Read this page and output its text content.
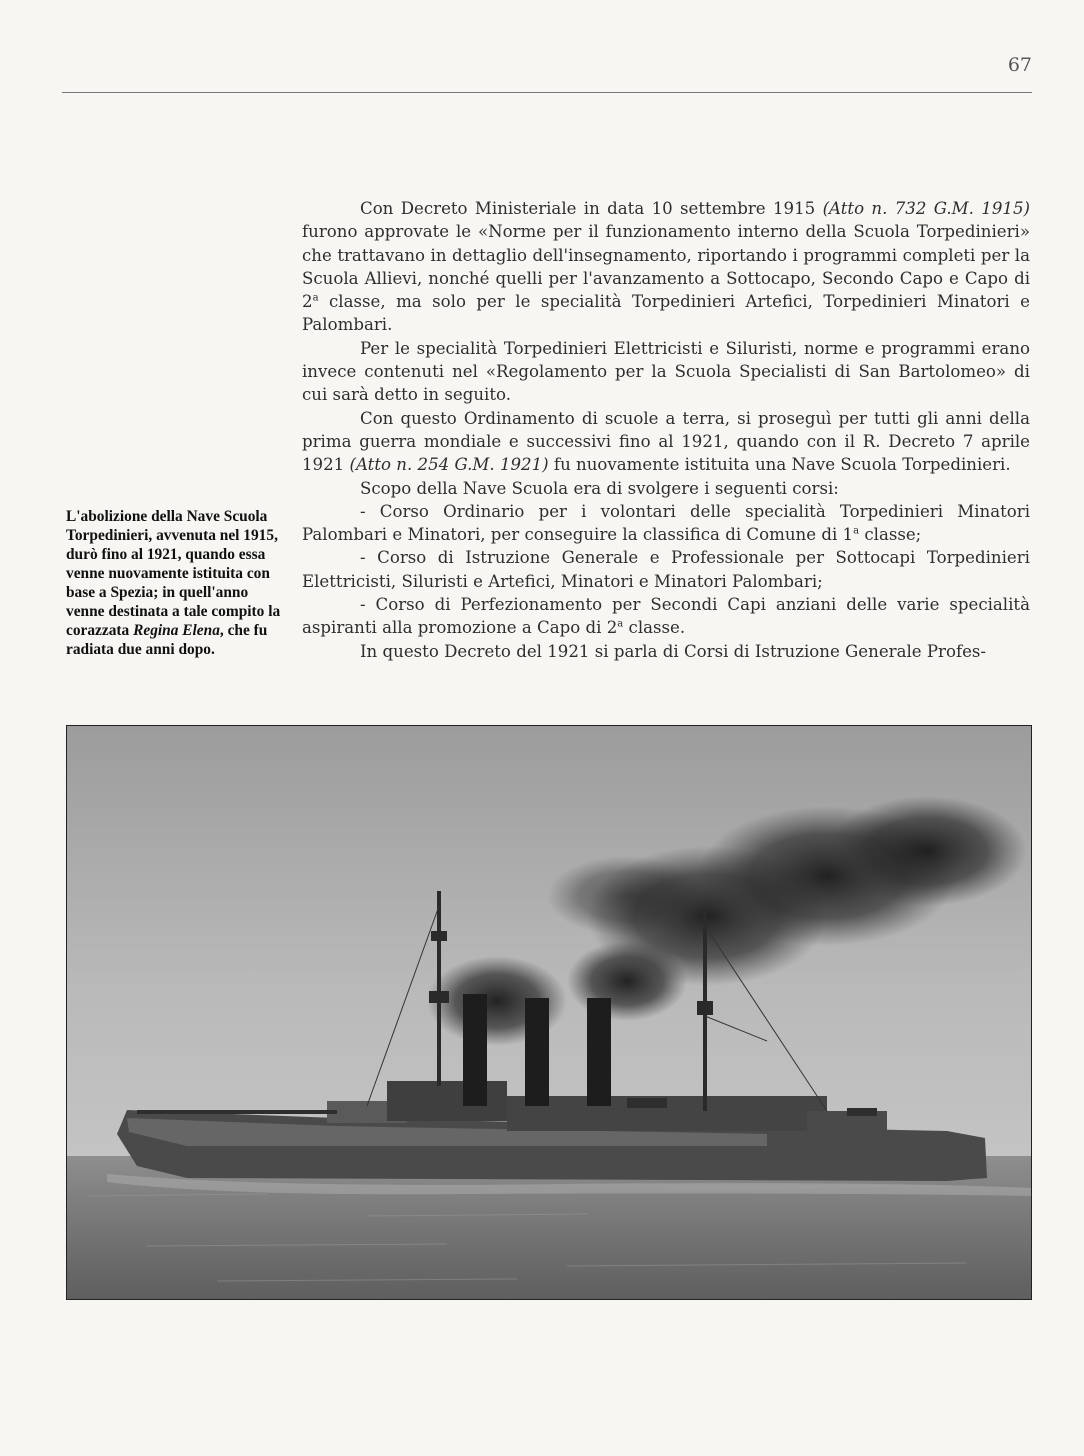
67
L'abolizione della Nave Scuola Torpedinieri, avvenuta nel 1915, durò fino al 1921, quando essa venne nuovamente istituita con base a Spezia; in quell'anno venne destinata a tale compito la corazzata Regina Elena, che fu radiata due anni dopo.

Con Decreto Ministeriale in data 10 settembre 1915 (Atto n. 732 G.M. 1915) furono approvate le «Norme per il funzionamento interno della Scuola Torpedinieri» che trattavano in dettaglio dell'insegnamento, riportando i programmi completi per la Scuola Allievi, nonché quelli per l'avanzamento a Sottocapo, Secondo Capo e Capo di 2$^a$ classe, ma solo per le specialità Torpedinieri Artefici, Torpedinieri Minatori e Palombari.

Per le specialità Torpedinieri Elettricisti e Siluristi, norme e programmi erano invece contenuti nel «Regolamento per la Scuola Specialisti di San Bartolomeo» di cui sarà detto in seguito.

Con questo Ordinamento di scuole a terra, si proseguì per tutti gli anni della prima guerra mondiale e successivi fino al 1921, quando con il R. Decreto 7 aprile 1921 (Atto n. 254 G.M. 1921) fu nuovamente istituita una Nave Scuola Torpedinieri.

Scopo della Nave Scuola era di svolgere i seguenti corsi:

- Corso Ordinario per i volontari delle specialità Torpedinieri Minatori Palombari e Minatori, per conseguire la classifica di Comune di 1$^a$ classe;

- Corso di Istruzione Generale e Professionale per Sottocapi Torpedinieri Elettricisti, Siluristi e Artefici, Minatori e Minatori Palombari;

- Corso di Perfezionamento per Secondi Capi anziani delle varie specialità aspiranti alla promozione a Capo di 2$^a$ classe.

In questo Decreto del 1921 si parla di Corsi di Istruzione Generale Profes-
